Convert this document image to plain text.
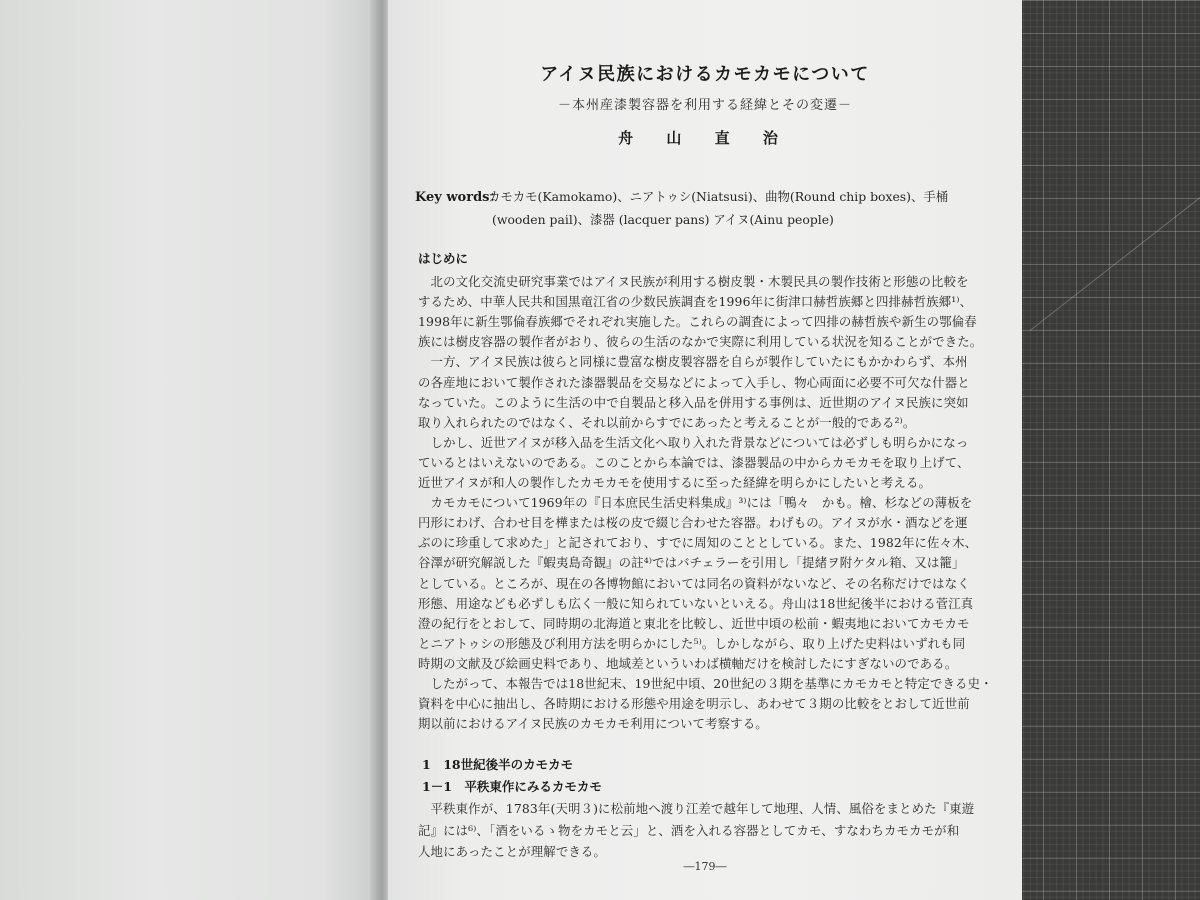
アイヌ民族におけるカモカモについて
－本州産漆製容器を利用する経緯とその変遷－
舟 山 直 治
Key words：
カモカモ(Kamokamo)、ニアトゥシ(Niatsusi)、曲物(Round chip boxes)、手桶
(wooden pail)、漆器 (lacquer pans) アイヌ(Ainu people)
はじめに
　北の文化交流史研究事業ではアイヌ民族が利用する樹皮製・木製民具の製作技術と形態の比較を
するため、中華人民共和国黒竜江省の少数民族調査を1996年に街津口赫哲族郷と四排赫哲族郷¹⁾、
1998年に新生鄂倫春族郷でそれぞれ実施した。これらの調査によって四排の赫哲族や新生の鄂倫春
族には樹皮容器の製作者がおり、彼らの生活のなかで実際に利用している状況を知ることができた。
　一方、アイヌ民族は彼らと同様に豊富な樹皮製容器を自らが製作していたにもかかわらず、本州
の各産地において製作された漆器製品を交易などによって入手し、物心両面に必要不可欠な什器と
なっていた。このように生活の中で自製品と移入品を併用する事例は、近世期のアイヌ民族に突如
取り入れられたのではなく、それ以前からすでにあったと考えることが一般的である²⁾。
　しかし、近世アイヌが移入品を生活文化へ取り入れた背景などについては必ずしも明らかになっ
ているとはいえないのである。このことから本論では、漆器製品の中からカモカモを取り上げて、
近世アイヌが和人の製作したカモカモを使用するに至った経緯を明らかにしたいと考える。
　カモカモについて1969年の『日本庶民生活史料集成』³⁾には「鴨々　かも。檜、杉などの薄板を
円形にわげ、合わせ目を樺または桜の皮で綴じ合わせた容器。わげもの。アイヌが水・酒などを運
ぶのに珍重して求めた」と記されており、すでに周知のこととしている。また、1982年に佐々木、
谷澤が研究解説した『蝦夷島奇観』の註⁴⁾ではバチェラーを引用し「提緒ヲ附ケタル箱、又は籠」
としている。ところが、現在の各博物館においては同名の資料がないなど、その名称だけではなく
形態、用途なども必ずしも広く一般に知られていないといえる。舟山は18世紀後半における菅江真
澄の紀行をとおして、同時期の北海道と東北を比較し、近世中頃の松前・蝦夷地においてカモカモ
とニアトゥシの形態及び利用方法を明らかにした⁵⁾。しかしながら、取り上げた史料はいずれも同
時期の文献及び絵画史料であり、地域差といういわば横軸だけを検討したにすぎないのである。
　したがって、本報告では18世紀末、19世紀中頃、20世紀の３期を基準にカモカモと特定できる史・
資料を中心に抽出し、各時期における形態や用途を明示し、あわせて３期の比較をとおして近世前
期以前におけるアイヌ民族のカモカモ利用について考察する。
1　18世紀後半のカモカモ
1－1　平秩東作にみるカモカモ
　平秩東作が、1783年(天明３)に松前地へ渡り江差で越年して地理、人情、風俗をまとめた『東遊
記』には⁶⁾、「酒をいるゝ物をカモと云」と、酒を入れる容器としてカモ、すなわちカモカモが和
人地にあったことが理解できる。
―179―
